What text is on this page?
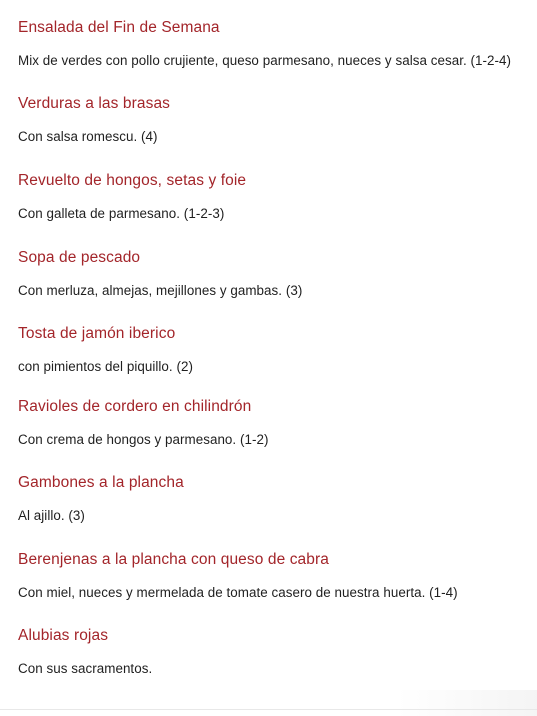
Ensalada del Fin de Semana
Mix de verdes con pollo crujiente, queso parmesano, nueces y salsa cesar. (1-2-4)
Verduras a las brasas
Con salsa romescu. (4)
Revuelto de hongos, setas y foie
Con galleta de parmesano. (1-2-3)
Sopa de pescado
Con merluza, almejas, mejillones y gambas. (3)
Tosta de jamón iberico
con pimientos del piquillo. (2)
Ravioles de cordero en chilindrón
Con crema de hongos y parmesano. (1-2)
Gambones a la plancha
Al ajillo. (3)
Berenjenas a la plancha con queso de cabra
Con miel, nueces y mermelada de tomate casero de nuestra huerta. (1-4)
Alubias rojas
Con sus sacramentos.
